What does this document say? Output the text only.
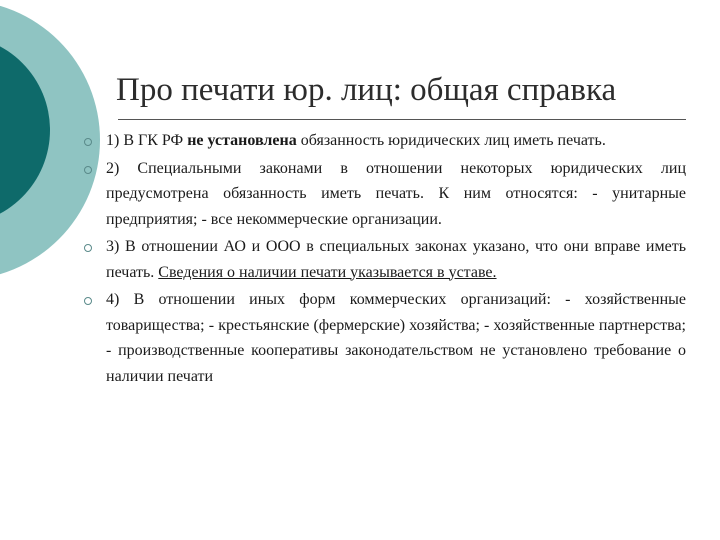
Про печати юр. лиц: общая справка
1) В ГК РФ не установлена обязанность юридических лиц иметь печать.
2) Специальными законами в отношении некоторых юридических лиц предусмотрена обязанность иметь печать. К ним относятся: - унитарные предприятия; - все некоммерческие организации.
3) В отношении АО и ООО в специальных законах указано, что они вправе иметь печать. Сведения о наличии печати указывается в уставе.
4) В отношении иных форм коммерческих организаций: - хозяйственные товарищества; - крестьянские (фермерские) хозяйства; - хозяйственные партнерства; - производственные кооперативы законодательством не установлено требование о наличии печати
